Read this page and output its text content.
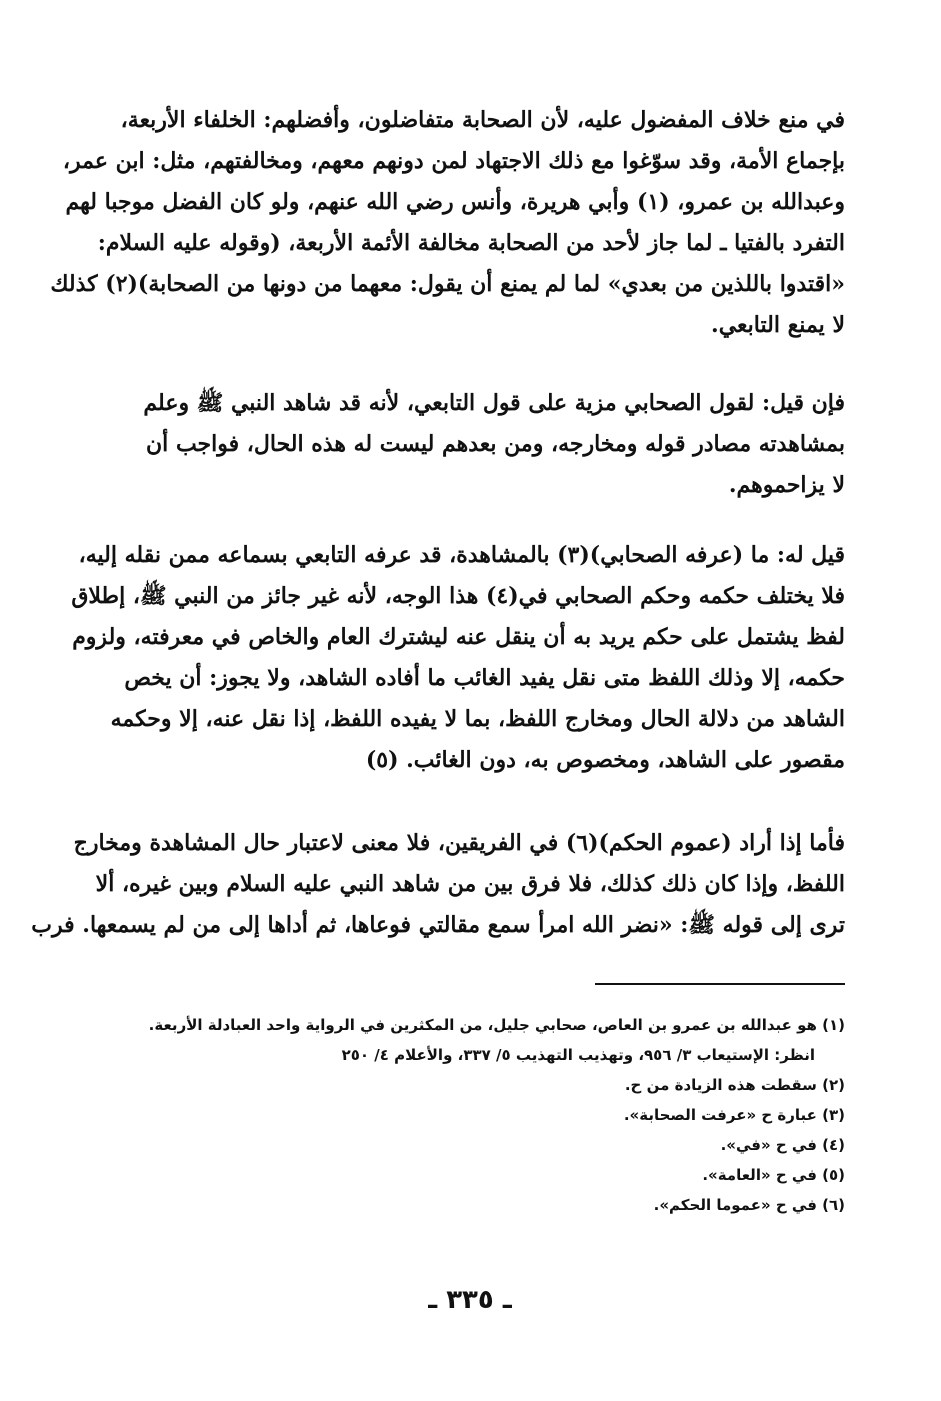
في منع خلاف المفضول عليه، لأن الصحابة متفاضلون، وأفضلهم: الخلفاء الأربعة،
بإجماع الأمة، وقد سوّغوا مع ذلك الاجتهاد لمن دونهم معهم، ومخالفتهم، مثل: ابن عمر،
وعبدالله بن عمرو، (١) وأبي هريرة، وأنس رضي الله عنهم، ولو كان الفضل موجبا لهم
التفرد بالفتيا ـ لما جاز لأحد من الصحابة مخالفة الأئمة الأربعة، (وقوله عليه السلام:
«اقتدوا باللذين من بعدي» لما لم يمنع أن يقول: معهما من دونها من الصحابة)(٢) كذلك
لا يمنع التابعي.
فإن قيل: لقول الصحابي مزية على قول التابعي، لأنه قد شاهد النبي ﷺ وعلم
بمشاهدته مصادر قوله ومخارجه، ومن بعدهم ليست له هذه الحال، فواجب أن
لا يزاحموهم.
قيل له: ما (عرفه الصحابي)(٣) بالمشاهدة، قد عرفه التابعي بسماعه ممن نقله إليه،
فلا يختلف حكمه وحكم الصحابي في(٤) هذا الوجه، لأنه غير جائز من النبي ﷺ، إطلاق
لفظ يشتمل على حكم يريد به أن ينقل عنه ليشترك العام والخاص في معرفته، ولزوم
حكمه، إلا وذلك اللفظ متى نقل يفيد الغائب ما أفاده الشاهد، ولا يجوز: أن يخص
الشاهد من دلالة الحال ومخارج اللفظ، بما لا يفيده اللفظ، إذا نقل عنه، إلا وحكمه
مقصور على الشاهد، ومخصوص به، دون الغائب. (٥)
فأما إذا أراد (عموم الحكم)(٦) في الفريقين، فلا معنى لاعتبار حال المشاهدة ومخارج
اللفظ، وإذا كان ذلك كذلك، فلا فرق بين من شاهد النبي عليه السلام وبين غيره، ألا
ترى إلى قوله ﷺ: «نضر الله امرأ سمع مقالتي فوعاها، ثم أداها إلى من لم يسمعها. فرب
(١) هو عبدالله بن عمرو بن العاص، صحابي جليل، من المكثرين في الرواية واحد العبادلة الأربعة.
انظر: الإستيعاب ٣/ ٩٥٦، وتهذيب التهذيب ٥/ ٣٣٧، والأعلام ٤/ ٢٥٠
(٢) سقطت هذه الزيادة من ح.
(٣) عبارة ح «عرفت الصحابة».
(٤) في ح «في».
(٥) في ح «العامة».
(٦) في ح «عموما الحكم».
ـ ٣٣٥ ـ
